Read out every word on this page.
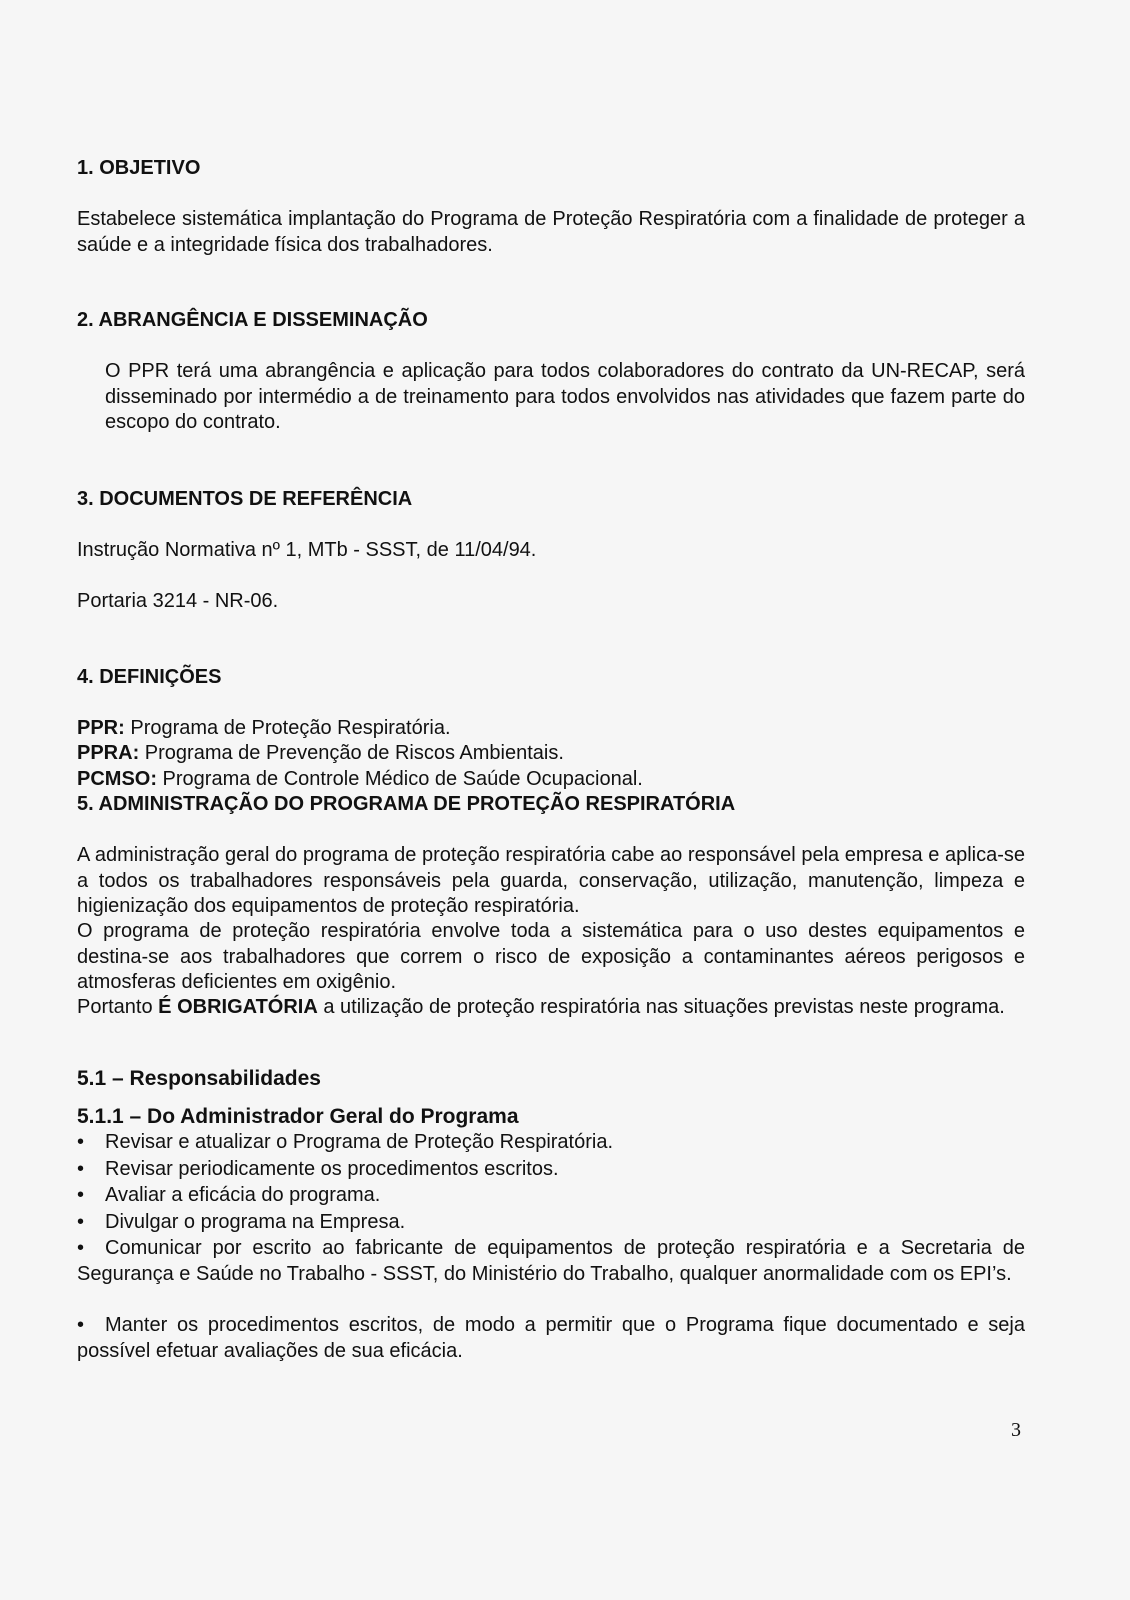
1. OBJETIVO

Estabelece sistemática implantação do Programa de Proteção Respiratória com a finalidade de proteger a saúde e a integridade física dos trabalhadores.

2. ABRANGÊNCIA E DISSEMINAÇÃO

O PPR terá uma abrangência e aplicação para todos colaboradores do contrato da UN-RECAP, será disseminado por intermédio a de treinamento para todos envolvidos nas atividades que fazem parte do escopo do contrato.

3. DOCUMENTOS DE REFERÊNCIA

Instrução Normativa nº 1, MTb - SSST, de 11/04/94.

Portaria 3214 - NR-06.

4. DEFINIÇÕES

PPR: Programa de Proteção Respiratória.

PPRA: Programa de Prevenção de Riscos Ambientais.

PCMSO: Programa de Controle Médico de Saúde Ocupacional.

5. ADMINISTRAÇÃO DO PROGRAMA DE PROTEÇÃO RESPIRATÓRIA

A administração geral do programa de proteção respiratória cabe ao responsável pela empresa e aplica-se a todos os trabalhadores responsáveis pela guarda, conservação, utilização, manutenção, limpeza e higienização dos equipamentos de proteção respiratória.

O programa de proteção respiratória envolve toda a sistemática para o uso destes equipamentos e destina-se aos trabalhadores que correm o risco de exposição a contaminantes aéreos perigosos e atmosferas deficientes em oxigênio.

Portanto É OBRIGATÓRIA a utilização de proteção respiratória nas situações previstas neste programa.

5.1 – Responsabilidades

5.1.1 – Do Administrador Geral do Programa

• Revisar e atualizar o Programa de Proteção Respiratória.
• Revisar periodicamente os procedimentos escritos.
• Avaliar a eficácia do programa.
• Divulgar o programa na Empresa.
• Comunicar por escrito ao fabricante de equipamentos de proteção respiratória e a Secretaria de Segurança e Saúde no Trabalho - SSST, do Ministério do Trabalho, qualquer anormalidade com os EPI’s.
• Manter os procedimentos escritos, de modo a permitir que o Programa fique documentado e seja possível efetuar avaliações de sua eficácia.
3
